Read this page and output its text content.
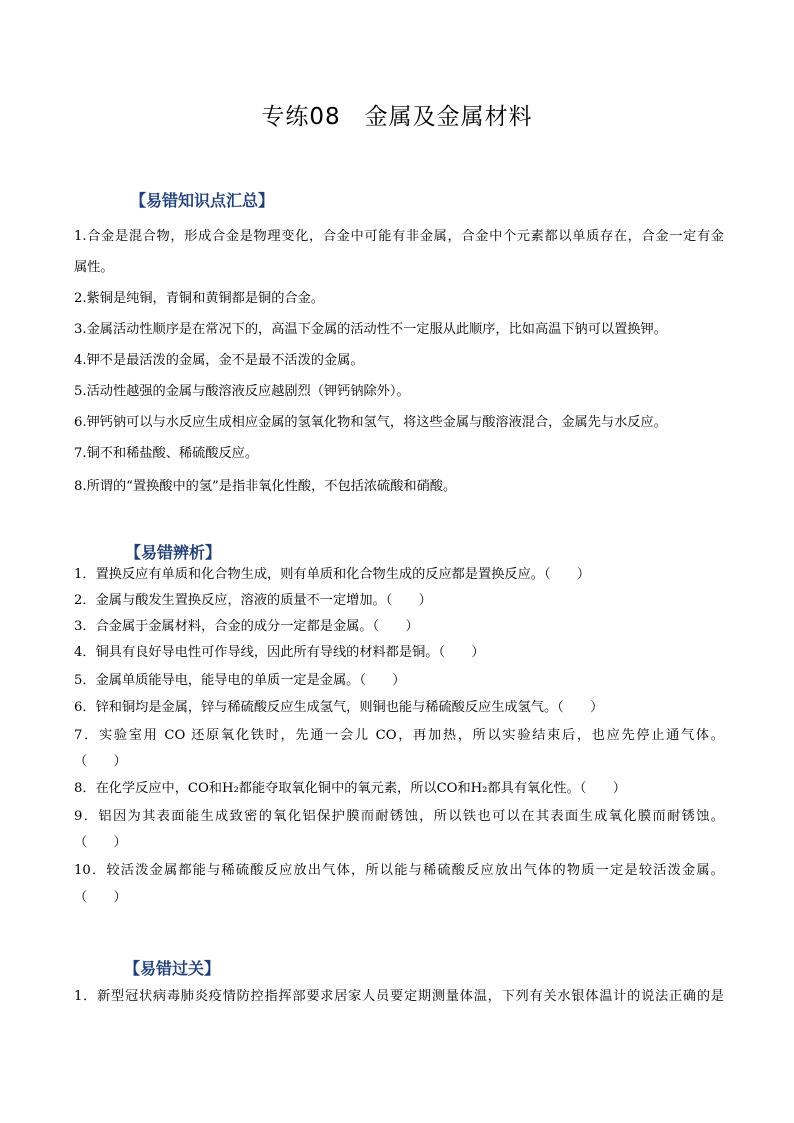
专练08　金属及金属材料
【易错知识点汇总】
1.合金是混合物，形成合金是物理变化，合金中可能有非金属，合金中个元素都以单质存在，合金一定有金
属性。
2.紫铜是纯铜，青铜和黄铜都是铜的合金。
3.金属活动性顺序是在常况下的，高温下金属的活动性不一定服从此顺序，比如高温下钠可以置换钾。
4.钾不是最活泼的金属，金不是最不活泼的金属。
5.活动性越强的金属与酸溶液反应越剧烈（钾钙钠除外）。
6.钾钙钠可以与水反应生成相应金属的氢氧化物和氢气，将这些金属与酸溶液混合，金属先与水反应。
7.铜不和稀盐酸、稀硫酸反应。
8.所谓的“置换酸中的氢”是指非氧化性酸，不包括浓硫酸和硝酸。
【易错辨析】
1．置换反应有单质和化合物生成，则有单质和化合物生成的反应都是置换反应。（　　）
2．金属与酸发生置换反应，溶液的质量不一定增加。（　　）
3．合金属于金属材料，合金的成分一定都是金属。（　　）
4．铜具有良好导电性可作导线，因此所有导线的材料都是铜。（　　）
5．金属单质能导电，能导电的单质一定是金属。（　　）
6．锌和铜均是金属，锌与稀硫酸反应生成氢气，则铜也能与稀硫酸反应生成氢气。（　　）
7．实验室用 CO 还原氧化铁时，先通一会儿 CO，再加热，所以实验结束后，也应先停止通气体。
（　　）
8．在化学反应中，CO和H₂都能夺取氧化铜中的氧元素，所以CO和H₂都具有氧化性。（　　）
9．铝因为其表面能生成致密的氧化铝保护膜而耐锈蚀，所以铁也可以在其表面生成氧化膜而耐锈蚀。
（　　）
10．较活泼金属都能与稀硫酸反应放出气体，所以能与稀硫酸反应放出气体的物质一定是较活泼金属。
（　　）
【易错过关】
1．新型冠状病毒肺炎疫情防控指挥部要求居家人员要定期测量体温，下列有关水银体温计的说法正确的是
